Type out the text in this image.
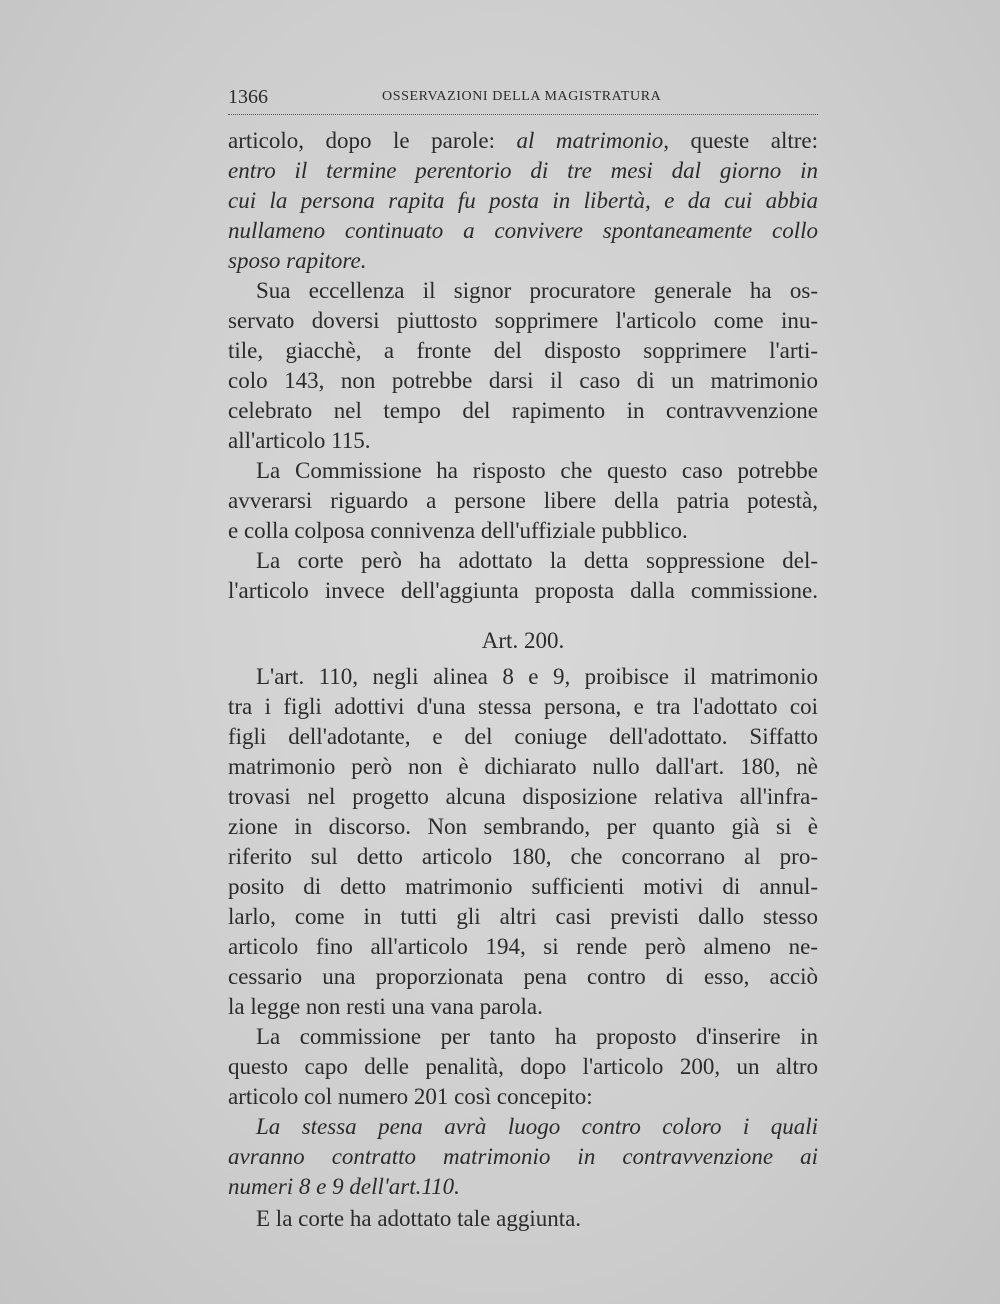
1366	OSSERVAZIONI DELLA MAGISTRATURA
articolo, dopo le parole: al matrimonio, queste altre:
entro il termine perentorio di tre mesi dal giorno in
cui la persona rapita fu posta in libertà, e da cui abbia
nullameno continuato a convivere spontaneamente collo
sposo rapitore.
Sua eccellenza il signor procuratore generale ha os-
servato doversi piuttosto sopprimere l'articolo come inu-
tile, giacchè, a fronte del disposto sopprimere l'arti-
colo 143, non potrebbe darsi il caso di un matrimonio
celebrato nel tempo del rapimento in contravvenzione
all'articolo 115.
La Commissione ha risposto che questo caso potrebbe
avverarsi riguardo a persone libere della patria potestà,
e colla colposa connivenza dell'uffiziale pubblico.
La corte però ha adottato la detta soppressione del-
l'articolo invece dell'aggiunta proposta dalla commissione.
Art. 200.
L'art. 110, negli alinea 8 e 9, proibisce il matrimonio
tra i figli adottivi d'una stessa persona, e tra l'adottato coi
figli dell'adotante, e del coniuge dell'adottato. Siffatto
matrimonio però non è dichiarato nullo dall'art. 180, nè
trovasi nel progetto alcuna disposizione relativa all'infra-
zione in discorso. Non sembrando, per quanto già si è
riferito sul detto articolo 180, che concorrano al pro-
posito di detto matrimonio sufficienti motivi di annul-
larlo, come in tutti gli altri casi previsti dallo stesso
articolo fino all'articolo 194, si rende però almeno ne-
cessario una proporzionata pena contro di esso, acciò
la legge non resti una vana parola.
La commissione per tanto ha proposto d'inserire in
questo capo delle penalità, dopo l'articolo 200, un altro
articolo col numero 201 così concepito:
La stessa pena avrà luogo contro coloro i quali
avranno contratto matrimonio in contravvenzione ai
numeri 8 e 9 dell'art.110.
E la corte ha adottato tale aggiunta.
